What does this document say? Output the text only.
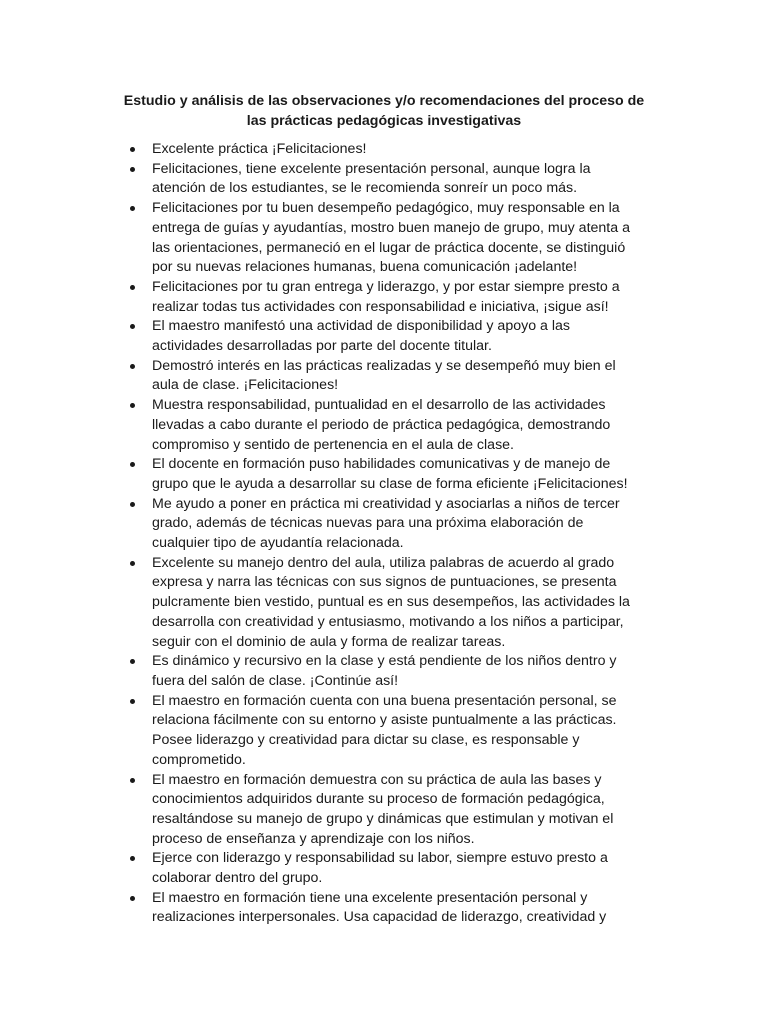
Estudio y análisis de las observaciones y/o recomendaciones del proceso de
las prácticas pedagógicas investigativas
Excelente práctica ¡Felicitaciones!
Felicitaciones, tiene excelente presentación personal, aunque logra la
atención de los estudiantes, se le recomienda sonreír un poco más.
Felicitaciones por tu buen desempeño pedagógico, muy responsable en la
entrega de guías y ayudantías, mostro buen manejo de grupo, muy atenta a
las orientaciones, permaneció en el lugar de práctica docente, se distinguió
por su nuevas relaciones humanas, buena comunicación ¡adelante!
Felicitaciones por tu gran entrega y liderazgo, y por estar siempre presto a
realizar todas tus actividades con responsabilidad e iniciativa, ¡sigue así!
El maestro manifestó una actividad de disponibilidad y apoyo a las
actividades desarrolladas por parte del docente titular.
Demostró interés en las prácticas realizadas y se desempeñó muy bien el
aula de clase. ¡Felicitaciones!
Muestra responsabilidad, puntualidad en el desarrollo de las actividades
llevadas a cabo durante el periodo de práctica pedagógica, demostrando
compromiso y sentido de pertenencia en el aula de clase.
El docente en formación puso habilidades comunicativas y de manejo de
grupo que le ayuda a desarrollar su clase de forma eficiente ¡Felicitaciones!
Me ayudo a poner en práctica mi creatividad y asociarlas a niños de tercer
grado, además de técnicas nuevas para una próxima elaboración de
cualquier tipo de ayudantía relacionada.
Excelente su manejo dentro del aula, utiliza palabras de acuerdo al grado
expresa y narra las técnicas con sus signos de puntuaciones, se presenta
pulcramente bien vestido, puntual es en sus desempeños, las actividades la
desarrolla con creatividad y entusiasmo, motivando a los niños a participar,
seguir con el dominio de aula y forma de realizar tareas.
Es dinámico y recursivo en la clase y está pendiente de los niños dentro y
fuera del salón de clase. ¡Continúe así!
El maestro en formación cuenta con una buena presentación personal, se
relaciona fácilmente con su entorno y asiste puntualmente a las prácticas.
Posee liderazgo y creatividad para dictar su clase, es responsable y
comprometido.
El maestro en formación demuestra con su práctica de aula las bases y
conocimientos adquiridos durante su proceso de formación pedagógica,
resaltándose su manejo de grupo y dinámicas que estimulan y motivan el
proceso de enseñanza y aprendizaje con los niños.
Ejerce con liderazgo y responsabilidad su labor, siempre estuvo presto a
colaborar dentro del grupo.
El maestro en formación tiene una excelente presentación personal y
realizaciones interpersonales. Usa capacidad de liderazgo, creatividad y
